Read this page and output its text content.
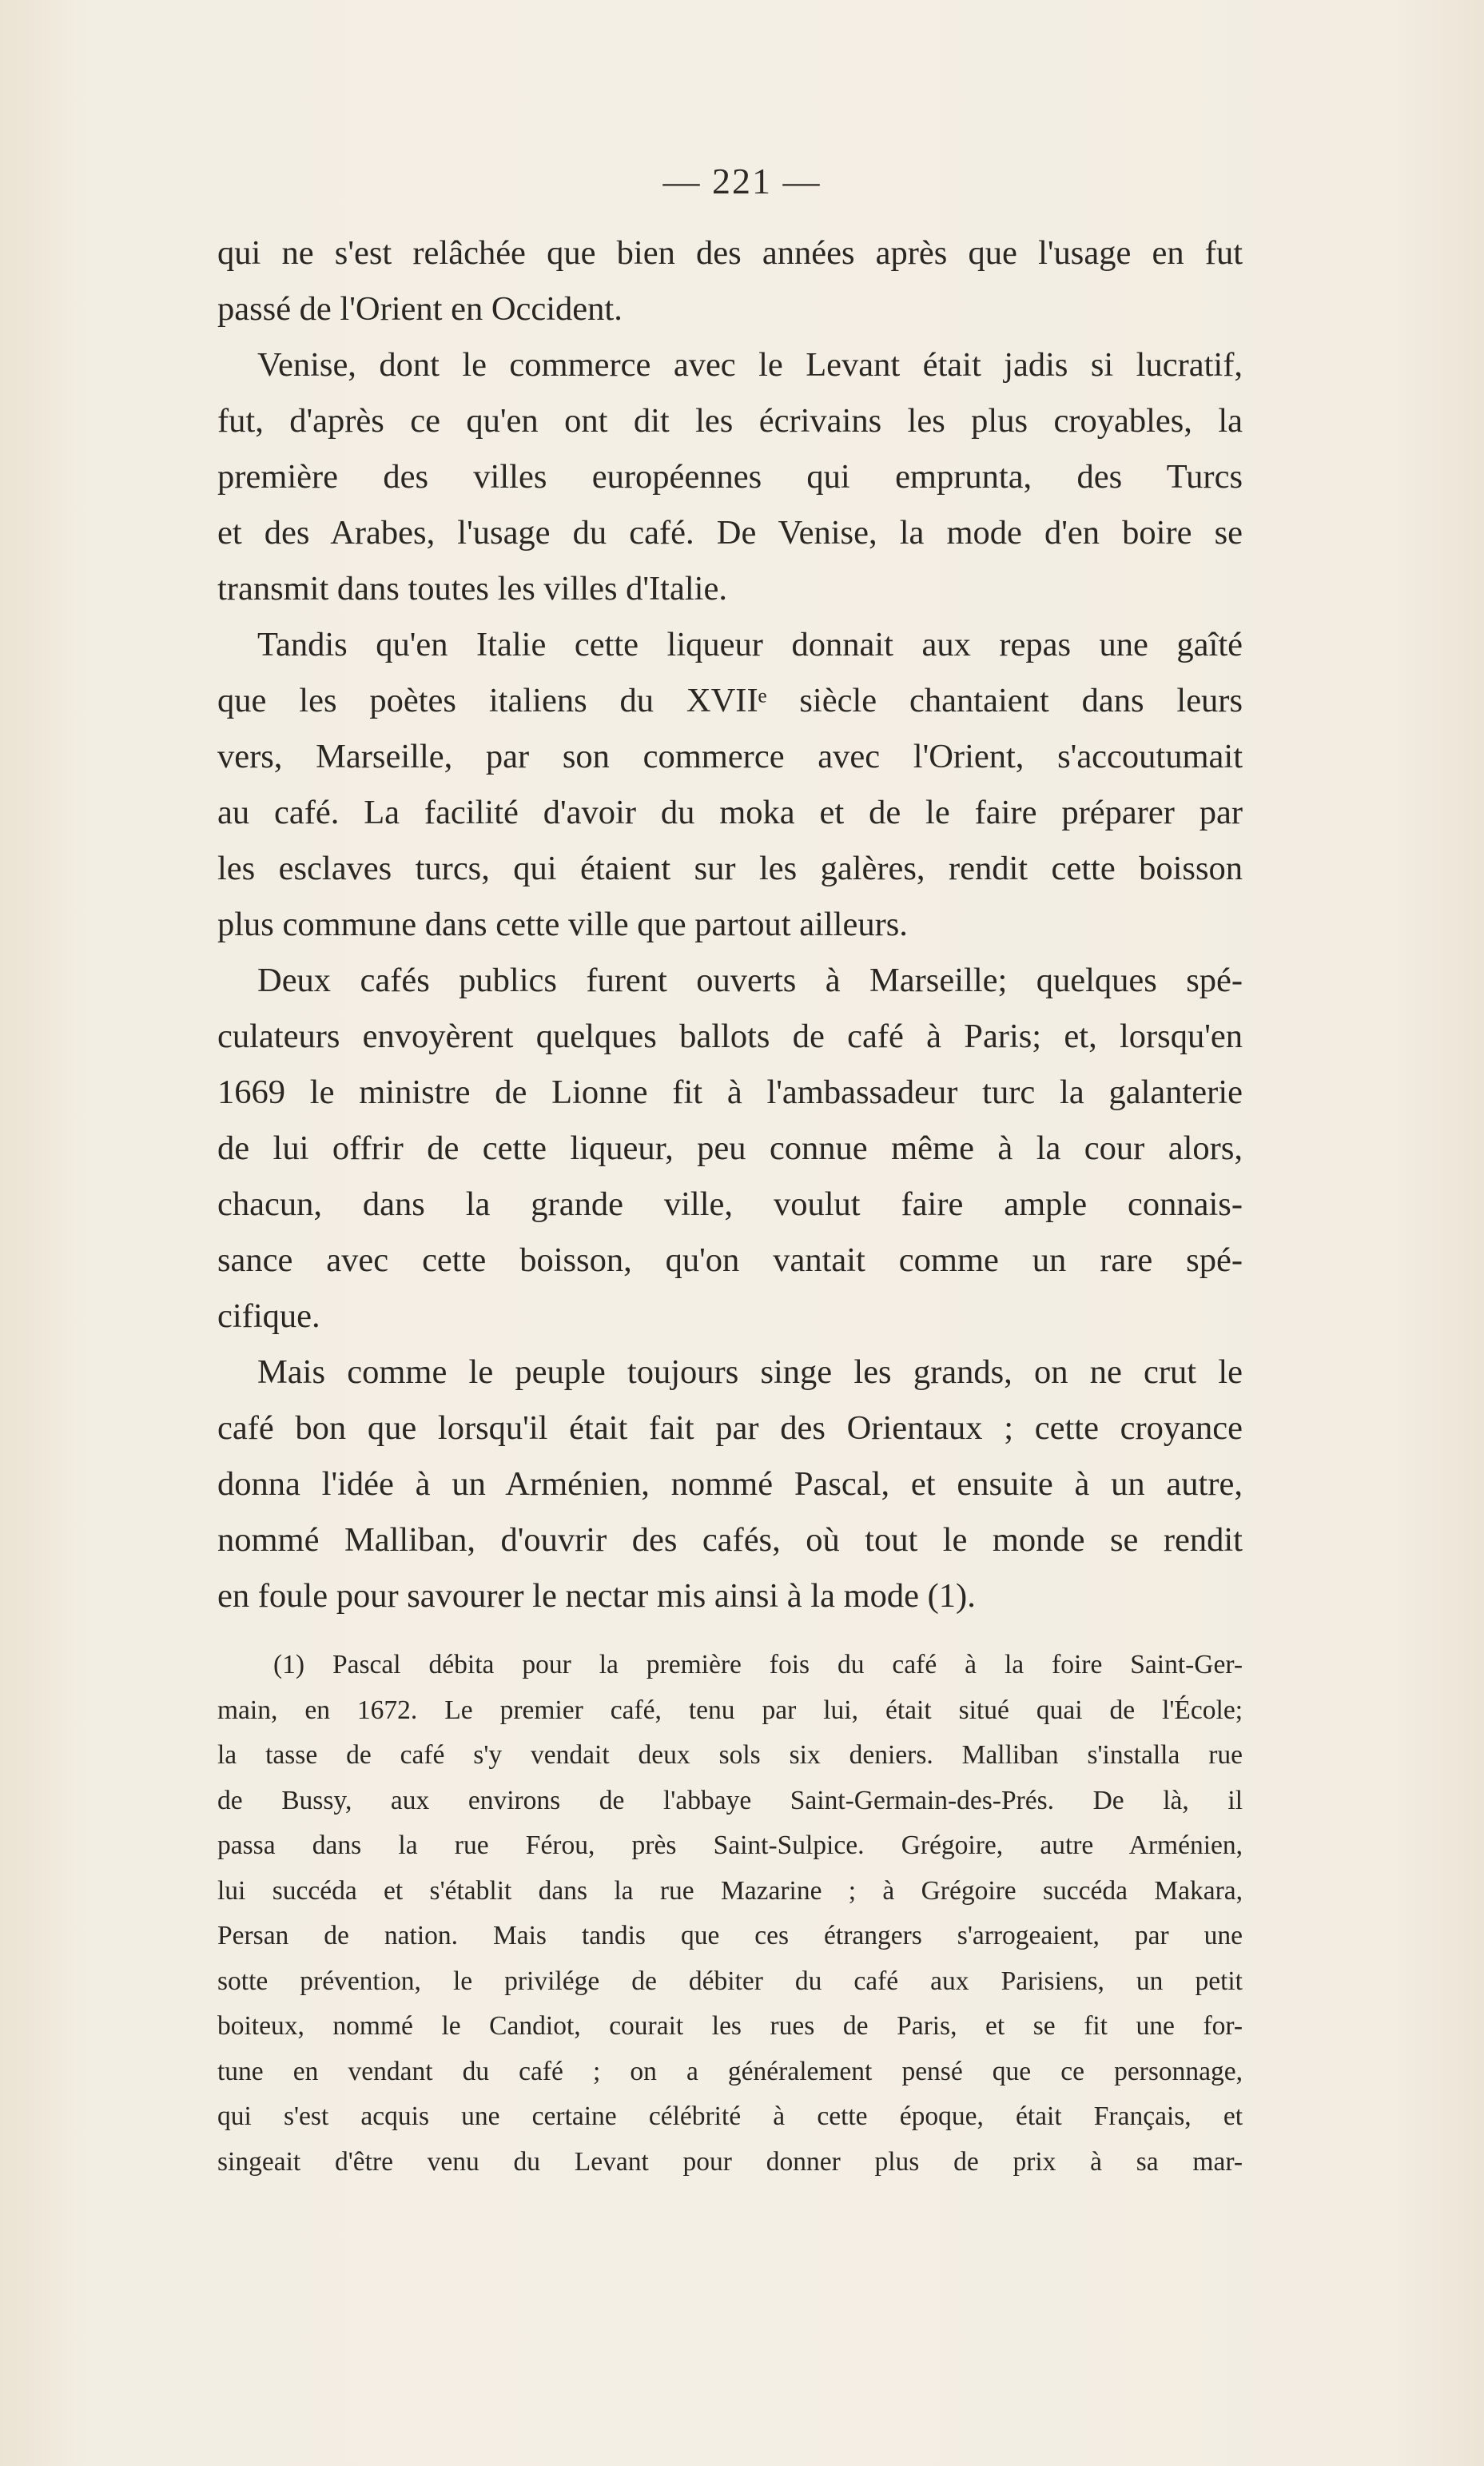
— 221 —
qui ne s'est relâchée que bien des années après que l'usage en fut
passé de l'Orient en Occident.
Venise, dont le commerce avec le Levant était jadis si lucratif,
fut, d'après ce qu'en ont dit les écrivains les plus croyables, la
première des villes européennes qui emprunta, des Turcs
et des Arabes, l'usage du café. De Venise, la mode d'en boire se
transmit dans toutes les villes d'Italie.
Tandis qu'en Italie cette liqueur donnait aux repas une gaîté
que les poètes italiens du XVIIᵉ siècle chantaient dans leurs
vers, Marseille, par son commerce avec l'Orient, s'accoutumait
au café. La facilité d'avoir du moka et de le faire préparer par
les esclaves turcs, qui étaient sur les galères, rendit cette boisson
plus commune dans cette ville que partout ailleurs.
Deux cafés publics furent ouverts à Marseille; quelques spé-
culateurs envoyèrent quelques ballots de café à Paris; et, lorsqu'en
1669 le ministre de Lionne fit à l'ambassadeur turc la galanterie
de lui offrir de cette liqueur, peu connue même à la cour alors,
chacun, dans la grande ville, voulut faire ample connais-
sance avec cette boisson, qu'on vantait comme un rare spé-
cifique.
Mais comme le peuple toujours singe les grands, on ne crut le
café bon que lorsqu'il était fait par des Orientaux ; cette croyance
donna l'idée à un Arménien, nommé Pascal, et ensuite à un autre,
nommé Malliban, d'ouvrir des cafés, où tout le monde se rendit
en foule pour savourer le nectar mis ainsi à la mode (1).
(1) Pascal débita pour la première fois du café à la foire Saint-Ger-
main, en 1672. Le premier café, tenu par lui, était situé quai de l'École;
la tasse de café s'y vendait deux sols six deniers. Malliban s'installa rue
de Bussy, aux environs de l'abbaye Saint-Germain-des-Prés. De là, il
passa dans la rue Férou, près Saint-Sulpice. Grégoire, autre Arménien,
lui succéda et s'établit dans la rue Mazarine ; à Grégoire succéda Makara,
Persan de nation. Mais tandis que ces étrangers s'arrogeaient, par une
sotte prévention, le privilége de débiter du café aux Parisiens, un petit
boiteux, nommé le Candiot, courait les rues de Paris, et se fit une for-
tune en vendant du café ; on a généralement pensé que ce personnage,
qui s'est acquis une certaine célébrité à cette époque, était Français, et
singeait d'être venu du Levant pour donner plus de prix à sa mar-
